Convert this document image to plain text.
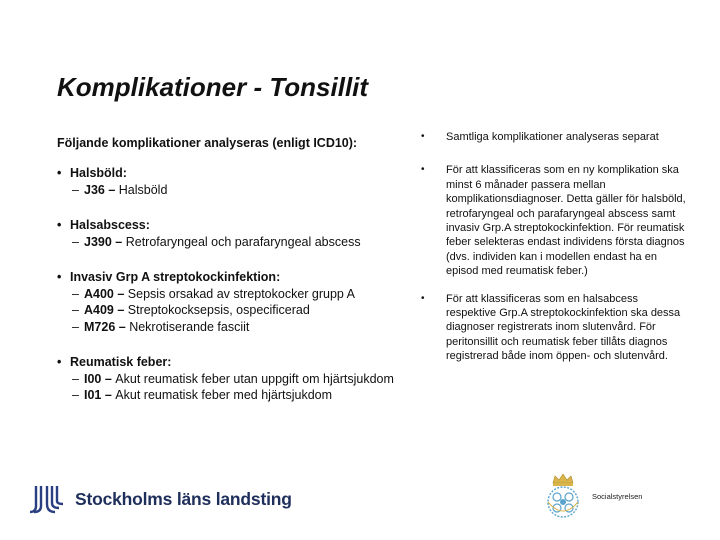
Komplikationer - Tonsillit
Följande komplikationer analyseras (enligt ICD10):
• Halsböld:
– J36 – Halsböld
• Halsabscess:
– J390 – Retrofaryngeal och parafaryngeal abscess
• Invasiv Grp A streptokockinfektion:
– A400 – Sepsis orsakad av streptokocker grupp A
– A409 – Streptokocksepsis, ospecificerad
– M726 – Nekrotiserande fasciit
• Reumatisk feber:
– I00 – Akut reumatisk feber utan uppgift om hjärtsjukdom
– I01 – Akut reumatisk feber med hjärtsjukdom
• Samtliga komplikationer analyseras separat
• För att klassificeras som en ny komplikation ska minst 6 månader passera mellan komplikationsdiagnoser. Detta gäller för halsböld, retrofaryngeal och parafaryngeal abscess samt invasiv Grp.A streptokockinfektion. För reumatisk feber selekteras endast individens första diagnos (dvs. individen kan i modellen endast ha en episod med reumatisk feber.)
• För att klassificeras som en halsabcess respektive Grp.A streptokockinfektion ska dessa diagnoser registrerats inom slutenvård. För peritonsillit och reumatisk feber tillåts diagnos registrerad både inom öppen- och slutenvård.
Stockholms läns landsting	Socialstyrelsen
